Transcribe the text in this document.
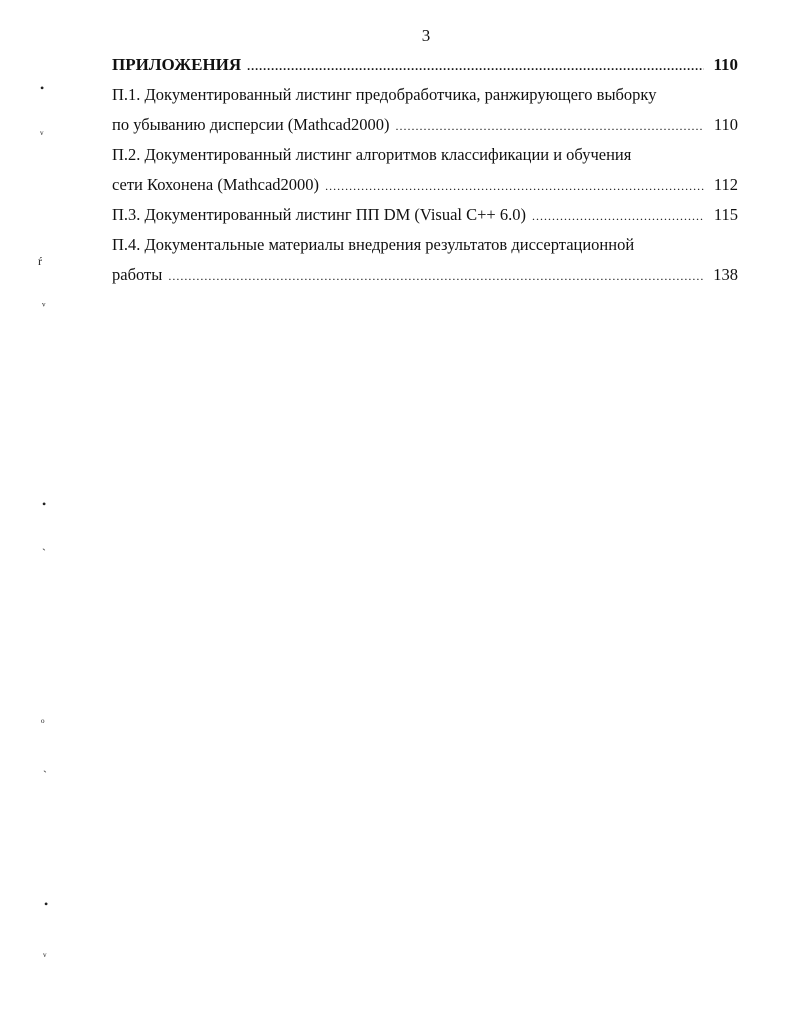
3
ПРИЛОЖЕНИЯ .....	110
П.1. Документированный листинг предобработчика, ранжирующего выборку
по убыванию дисперсии (Mathcad2000) .....	110
П.2. Документированный листинг алгоритмов классификации и обучения
сети Кохонена (Mathcad2000) .....	112
П.3. Документированный листинг ПП DM (Visual С++ 6.0) .....	115
П.4. Документальные материалы внедрения результатов диссертационной
работы .....	138
•
ᵥ
ŕ
ᵛ
•
ˋ
ₒ
ˎ
•
ᵥ
